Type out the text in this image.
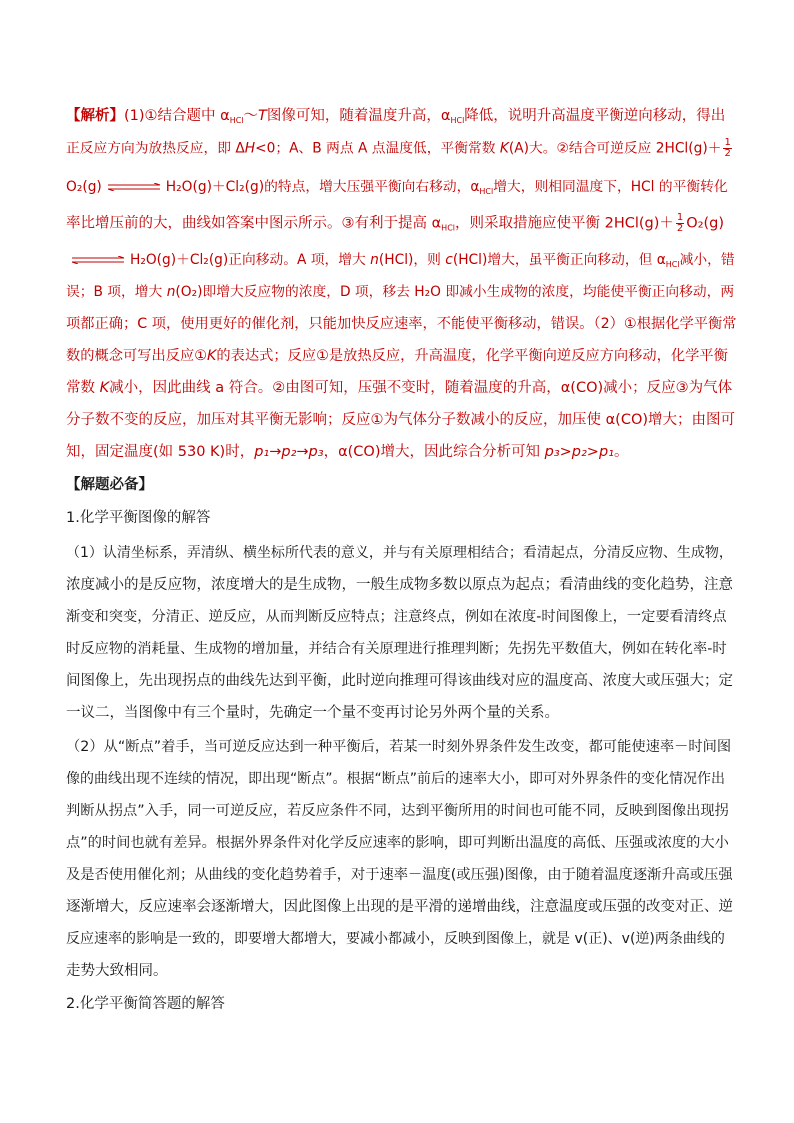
【解析】(1)①结合题中 $\alpha_{HCl}\sim T$图像可知，随着温度升高，$\alpha_{HCl}$降低，说明升高温度平衡逆向移动，得出
正反应方向为放热反应，即 ΔH<0；A、B 两点 A 点温度低，平衡常数 K(A)大。②结合可逆反应 $2HCl(g)+ \frac{1}{2}$
O₂(g)	H₂O(g)＋Cl₂(g)的特点，增大压强平衡向右移动，$\alpha_{HCl}$增大，则相同温度下，HCl 的平衡转化
率比增压前的大，曲线如答案中图示所示。③有利于提高 $\alpha_{HCl}$，则采取措施应使平衡 $2HCl(g)+ \frac{1}{2} O_2(g)$
H₂O(g)＋Cl₂(g)正向移动。A 项，增大 n(HCl)，则 c(HCl)增大，虽平衡正向移动，但 $\alpha_{HCl}$减小，错
误；B 项，增大 n(O₂)即增大反应物的浓度，D 项，移去 H₂O 即减小生成物的浓度，均能使平衡正向移动，两
项都正确；C 项，使用更好的催化剂，只能加快反应速率，不能使平衡移动，错误。（2）①根据化学平衡常
数的概念可写出反应①K的表达式；反应①是放热反应，升高温度，化学平衡向逆反应方向移动，化学平衡
常数 K减小，因此曲线 a 符合。②由图可知，压强不变时，随着温度的升高，α(CO)减小；反应③为气体
分子数不变的反应，加压对其平衡无影响；反应①为气体分子数减小的反应，加压使 α(CO)增大；由图可
知，固定温度(如 530 K)时，p₁→p₂→p₃，α(CO)增大，因此综合分析可知 p₃>p₂>p₁。
【解题必备】
1.化学平衡图像的解答
（1）认清坐标系，弄清纵、横坐标所代表的意义，并与有关原理相结合；看清起点，分清反应物、生成物，
浓度减小的是反应物，浓度增大的是生成物，一般生成物多数以原点为起点；看清曲线的变化趋势，注意
渐变和突变，分清正、逆反应，从而判断反应特点；注意终点，例如在浓度-时间图像上，一定要看清终点
时反应物的消耗量、生成物的增加量，并结合有关原理进行推理判断；先拐先平数值大，例如在转化率-时
间图像上，先出现拐点的曲线先达到平衡，此时逆向推理可得该曲线对应的温度高、浓度大或压强大；定
一议二，当图像中有三个量时，先确定一个量不变再讨论另外两个量的关系。
（2）从“断点”着手，当可逆反应达到一种平衡后，若某一时刻外界条件发生改变，都可能使速率－时间图
像的曲线出现不连续的情况，即出现“断点”。根据“断点”前后的速率大小，即可对外界条件的变化情况作出
判断从拐点”入手，同一可逆反应，若反应条件不同，达到平衡所用的时间也可能不同，反映到图像出现拐
点”的时间也就有差异。根据外界条件对化学反应速率的影响，即可判断出温度的高低、压强或浓度的大小
及是否使用催化剂；从曲线的变化趋势着手，对于速率－温度(或压强)图像，由于随着温度逐渐升高或压强
逐渐增大，反应速率会逐渐增大，因此图像上出现的是平滑的递增曲线，注意温度或压强的改变对正、逆
反应速率的影响是一致的，即要增大都增大，要减小都减小，反映到图像上，就是 v(正)、v(逆)两条曲线的
走势大致相同。
2.化学平衡简答题的解答
